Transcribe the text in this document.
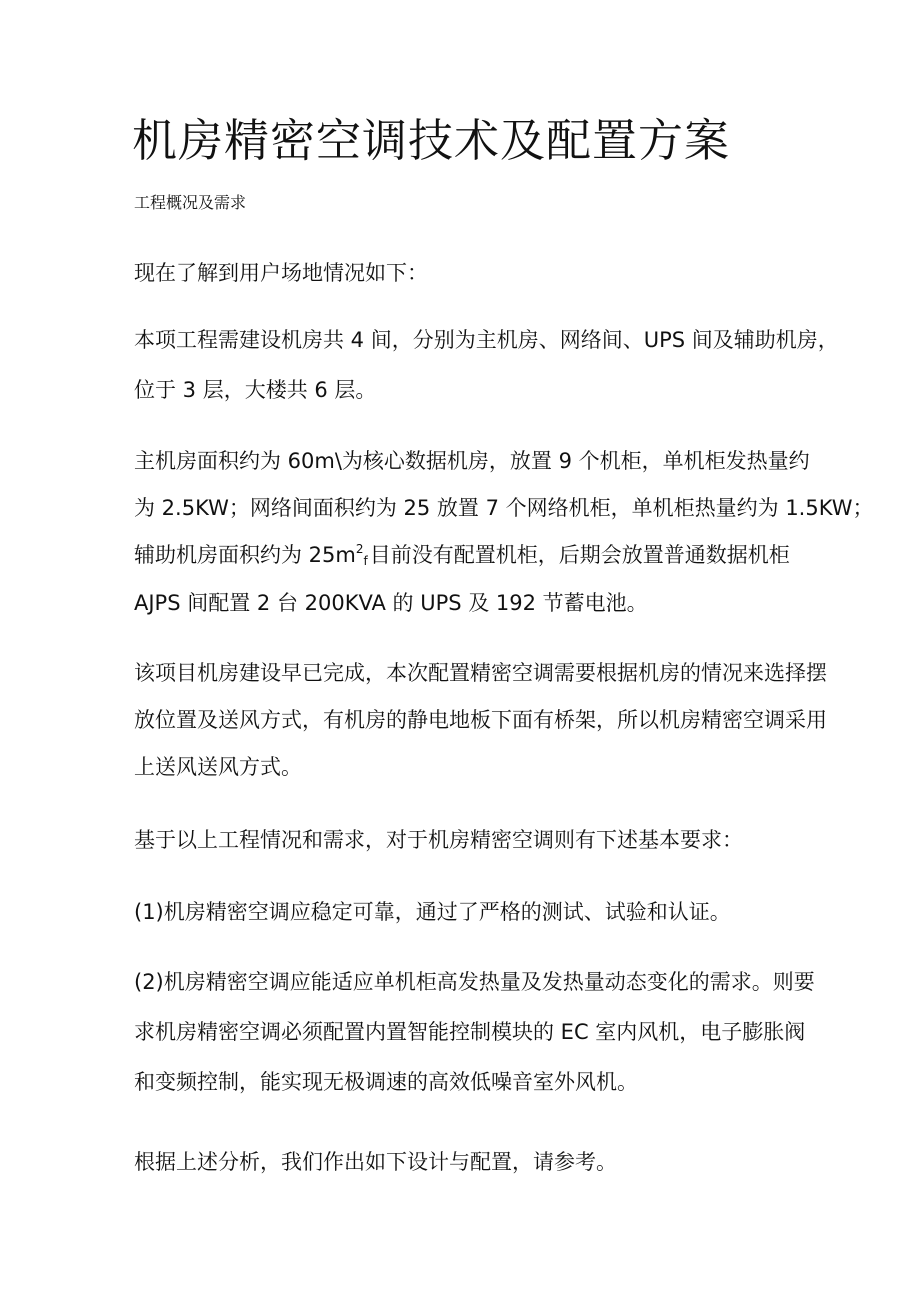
机房精密空调技术及配置方案
工程概况及需求
现在了解到用户场地情况如下：
本项工程需建设机房共 4 间，分别为主机房、网络间、UPS 间及辅助机房，
位于 3 层，大楼共 6 层。
主机房面积约为 60m\为核心数据机房，放置 9 个机柜，单机柜发热量约
为 2.5KW；网络间面积约为 25 放置 7 个网络机柜，单机柜热量约为 1.5KW；
辅助机房面积约为 $25m^2_f$目前没有配置机柜，后期会放置普通数据机柜
AJPS 间配置 2 台 200KVA 的 UPS 及 192 节蓄电池。
该项目机房建设早已完成，本次配置精密空调需要根据机房的情况来选择摆
放位置及送风方式，有机房的静电地板下面有桥架，所以机房精密空调采用
上送风送风方式。
基于以上工程情况和需求，对于机房精密空调则有下述基本要求：
(1)机房精密空调应稳定可靠，通过了严格的测试、试验和认证。
(2)机房精密空调应能适应单机柜高发热量及发热量动态变化的需求。则要
求机房精密空调必须配置内置智能控制模块的 EC 室内风机，电子膨胀阀
和变频控制，能实现无极调速的高效低噪音室外风机。
根据上述分析，我们作出如下设计与配置，请参考。
